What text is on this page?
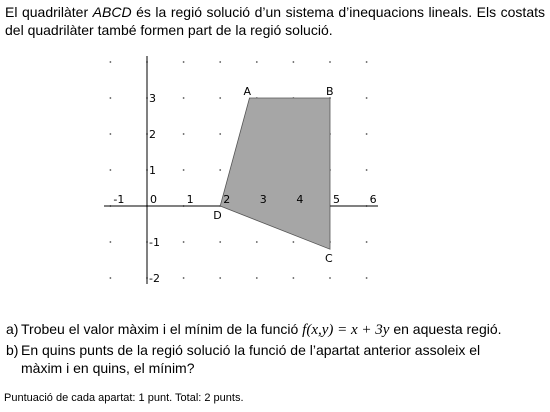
El quadrilàter ABCD és la regió solució d’un sistema d’inequacions lineals. Els costats del quadrilàter també formen part de la regió solució.
-1 0	1	2	3	4	5	6
3
2
1
-1
-2
A	B
C
D
a) Trobeu el valor màxim i el mínim de la funció f(x,y) = x + 3y en aquesta regió.
b) En quins punts de la regió solució la funció de l’apartat anterior assoleix el
màxim i en quins, el mínim?
Puntuació de cada apartat: 1 punt. Total: 2 punts.
